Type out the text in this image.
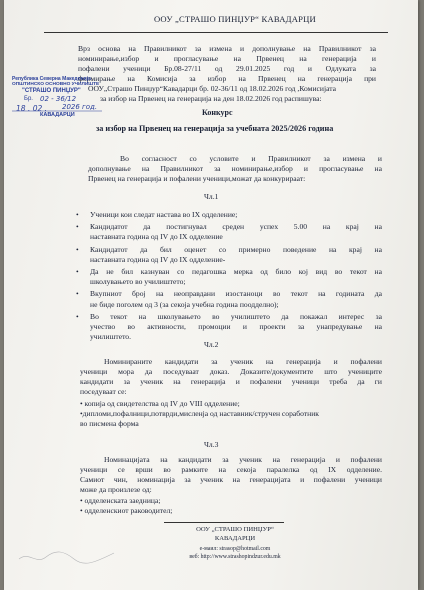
ООУ „СТРАШО ПИНЏУР“ КАВАДАРЦИ
Врз основа на Правилникот за измена и дополнување на Правилникот за
номинирање,избор и прогласување на Првенец на генерација и
пофалени ученици Бр.08-27/11 од 29.01.2025 год и Одлуката за
формирање на Комисија за избор на Првенец на генерација при
ООУ„Страшо Пинџур“Кавадарци бр. 02-36/11 од 18.02.2026 год ,Комисијата
за избор на Првенец на генерација на ден 18.02.2026 год распишува:
Република Северна Македонија
ОПШТИНСКО ОСНОВНО УЧИЛИШТЕ
"СТРАШО ПИНЏУР"
Бр. 02 - 36/12
18 . 02 . 2026 год.
КАВАДАРЦИ	Конкурс
за избор на Првенец на генерација за учебната 2025/2026 година
Во согласност со условите и Правилникот за измена и
дополнување на Правилникот за номинирање,избор и прогласување на
Првенец на генерација и пофалени ученици,можат да конкурираат:
Чл.1
• Ученици кои следат настава во IX одделение;
• Кандидатот да постигнувал среден успех 5.00 на крај на
наставната година од IV до IX одделение
• Кандидатот да бил оценет со примерно поведение на крај на
наставната година од IV до IX одделение-
• Да не бил казнуван со педагошка мерка од било кој вид во текот на
школувањето во училиштето;
• Вкупниот број на неоправдани изостаноци во текот на годината да
не биде поголем од 3 (за секоја учебна година поодделно);
• Во текот на школувањето во училиштето да покажал интерес за
учество во активности, промоции и проекти за унапредување на
училиштето.
Чл.2
Номинираните кандидати за ученик на генерација и пофалени
ученици мора да поседуваат доказ. Доказите/документите што учениците
кандидати за ученик на генерација и пофалени ученици треба да ги
поседуваат се:
• копија од свидетелства од IV до VIII одделение;
•дипломи,пофалници,потврди,мисленја од наставник/стручен соработник
во писмена форма
Чл.3
Номинацијата на кандидати за ученик на генерација и пофалени
ученици се врши во рамките на секоја паралелка од IX одделение.
Самиот чин, номинација за ученик на генерацијата и пофалени ученици
може да произлезе од:
• одделенската заедница;
• одделенскиот раководител;
ООУ „СТРАШО ПИНЏУР“
КАВАДАРЦИ
е-маил: strasop@hotmail.com
веб: http://www.strashopindzur.edu.mk
